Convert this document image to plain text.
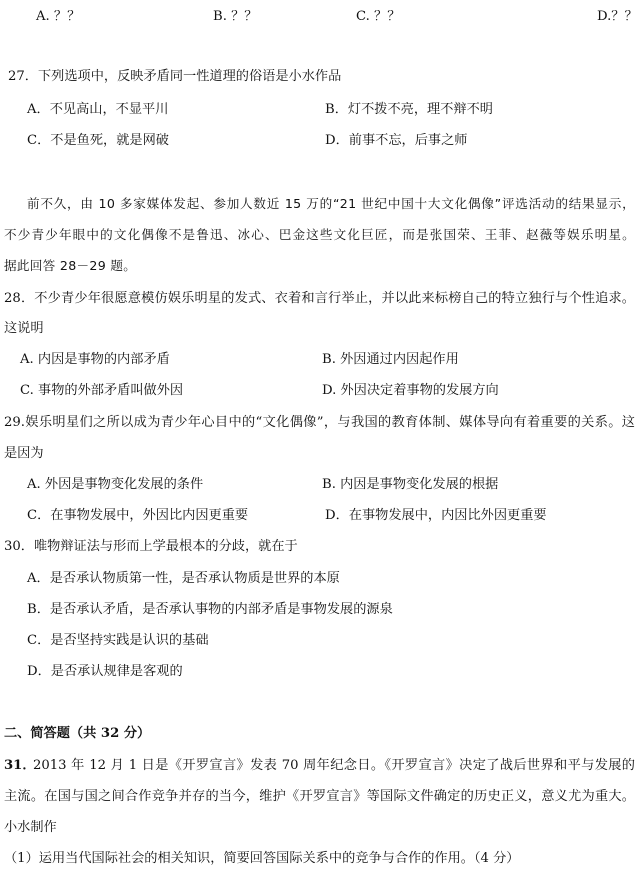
A. ？？	B. ？？	C. ？？	D.？？
27．下列选项中，反映矛盾同一性道理的俗语是小水作品
A．不见高山，不显平川	B．灯不拨不亮，理不辩不明
C．不是鱼死，就是网破	D．前事不忘，后事之师
前不久，由 10 多家媒体发起、参加人数近 15 万的“21 世纪中国十大文化偶像”评选活动的结果显示，
不少青少年眼中的文化偶像不是鲁迅、冰心、巴金这些文化巨匠，而是张国荣、王菲、赵薇等娱乐明星。
据此回答 28－29 题。
28．不少青少年很愿意模仿娱乐明星的发式、衣着和言行举止，并以此来标榜自己的特立独行与个性追求。
这说明
A. 内因是事物的内部矛盾	B. 外因通过内因起作用
C. 事物的外部矛盾叫做外因	D. 外因决定着事物的发展方向
29.娱乐明星们之所以成为青少年心目中的“文化偶像”，与我国的教育体制、媒体导向有着重要的关系。这
是因为
A. 外因是事物变化发展的条件	B. 内因是事物变化发展的根据
C．在事物发展中，外因比内因更重要	D．在事物发展中，内因比外因更重要
30．唯物辩证法与形而上学最根本的分歧，就在于
A．是否承认物质第一性，是否承认物质是世界的本原
B．是否承认矛盾，是否承认事物的内部矛盾是事物发展的源泉
C．是否坚持实践是认识的基础
D．是否承认规律是客观的
二、简答题（共 32 分）
31．
2013 年 12 月 1 日是《开罗宣言》发表 70 周年纪念日。《开罗宣言》决定了战后世界和平与发展的
主流。在国与国之间合作竞争并存的当今，维护《开罗宣言》等国际文件确定的历史正义，意义尤为重大。
小水制作
（1）运用当代国际社会的相关知识，简要回答国际关系中的竞争与合作的作用。（4 分）
